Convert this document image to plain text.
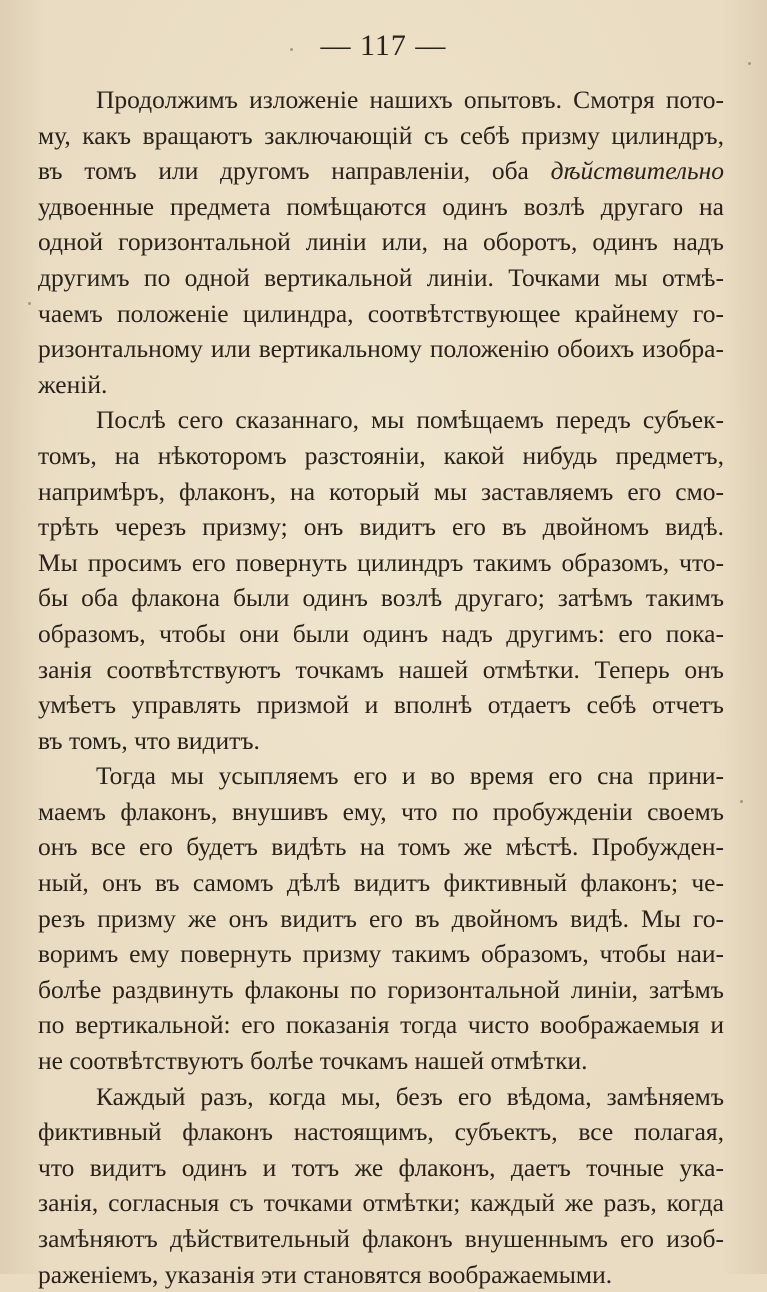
— 117 —
Продолжимъ изложеніе нашихъ опытовъ. Смотря пото-
му, какъ вращаютъ заключающій съ себѣ призму цилиндръ,
въ томъ или другомъ направленіи, оба дѣйствительно
удвоенные предмета помѣщаются одинъ возлѣ другаго на
одной горизонтальной линіи или, на оборотъ, одинъ надъ
другимъ по одной вертикальной линіи. Точками мы отмѣ-
чаемъ положеніе цилиндра, соотвѣтствующее крайнему го-
ризонтальному или вертикальному положенію обоихъ изобра-
женій.
Послѣ сего сказаннаго, мы помѣщаемъ передъ субъек-
томъ, на нѣкоторомъ разстояніи, какой нибудь предметъ,
напримѣръ, флаконъ, на который мы заставляемъ его смо-
трѣть черезъ призму; онъ видитъ его въ двойномъ видѣ.
Мы просимъ его повернуть цилиндръ такимъ образомъ, что-
бы оба флакона были одинъ возлѣ другаго; затѣмъ такимъ
образомъ, чтобы они были одинъ надъ другимъ: его пока-
занія соотвѣтствуютъ точкамъ нашей отмѣтки. Теперь онъ
умѣетъ управлять призмой и вполнѣ отдаетъ себѣ отчетъ
въ томъ, что видитъ.
Тогда мы усыпляемъ его и во время его сна прини-
маемъ флаконъ, внушивъ ему, что по пробужденіи своемъ
онъ все его будетъ видѣть на томъ же мѣстѣ. Пробужден-
ный, онъ въ самомъ дѣлѣ видитъ фиктивный флаконъ; че-
резъ призму же онъ видитъ его въ двойномъ видѣ. Мы го-
воримъ ему повернуть призму такимъ образомъ, чтобы наи-
болѣе раздвинуть флаконы по горизонтальной линіи, затѣмъ
по вертикальной: его показанія тогда чисто воображаемыя и
не соотвѣтствуютъ болѣе точкамъ нашей отмѣтки.
Каждый разъ, когда мы, безъ его вѣдома, замѣняемъ
фиктивный флаконъ настоящимъ, субъектъ, все полагая,
что видитъ одинъ и тотъ же флаконъ, даетъ точные ука-
занія, согласныя съ точками отмѣтки; каждый же разъ, когда
замѣняютъ дѣйствительный флаконъ внушеннымъ его изоб-
раженіемъ, указанія эти становятся воображаемыми.
